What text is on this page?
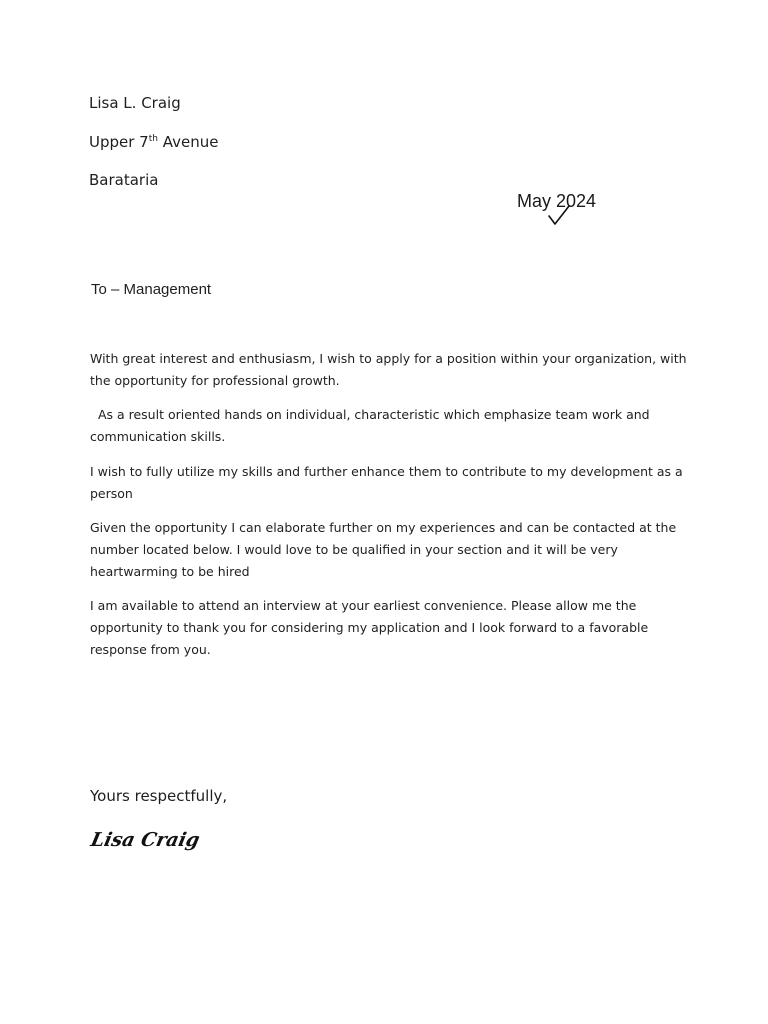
Lisa L. Craig
Upper 7th Avenue
Barataria
May 2024
To – Management

With great interest and enthusiasm, I wish to apply for a position within your organization, with the opportunity for professional growth.

As a result oriented hands on individual, characteristic which emphasize team work and communication skills.

I wish to fully utilize my skills and further enhance them to contribute to my development as a person

Given the opportunity I can elaborate further on my experiences and can be contacted at the number located below. I would love to be qualified in your section and it will be very heartwarming to be hired

I am available to attend an interview at your earliest convenience. Please allow me the opportunity to thank you for considering my application and I look forward to a favorable response from you.

Yours respectfully,
Lisa Craig
